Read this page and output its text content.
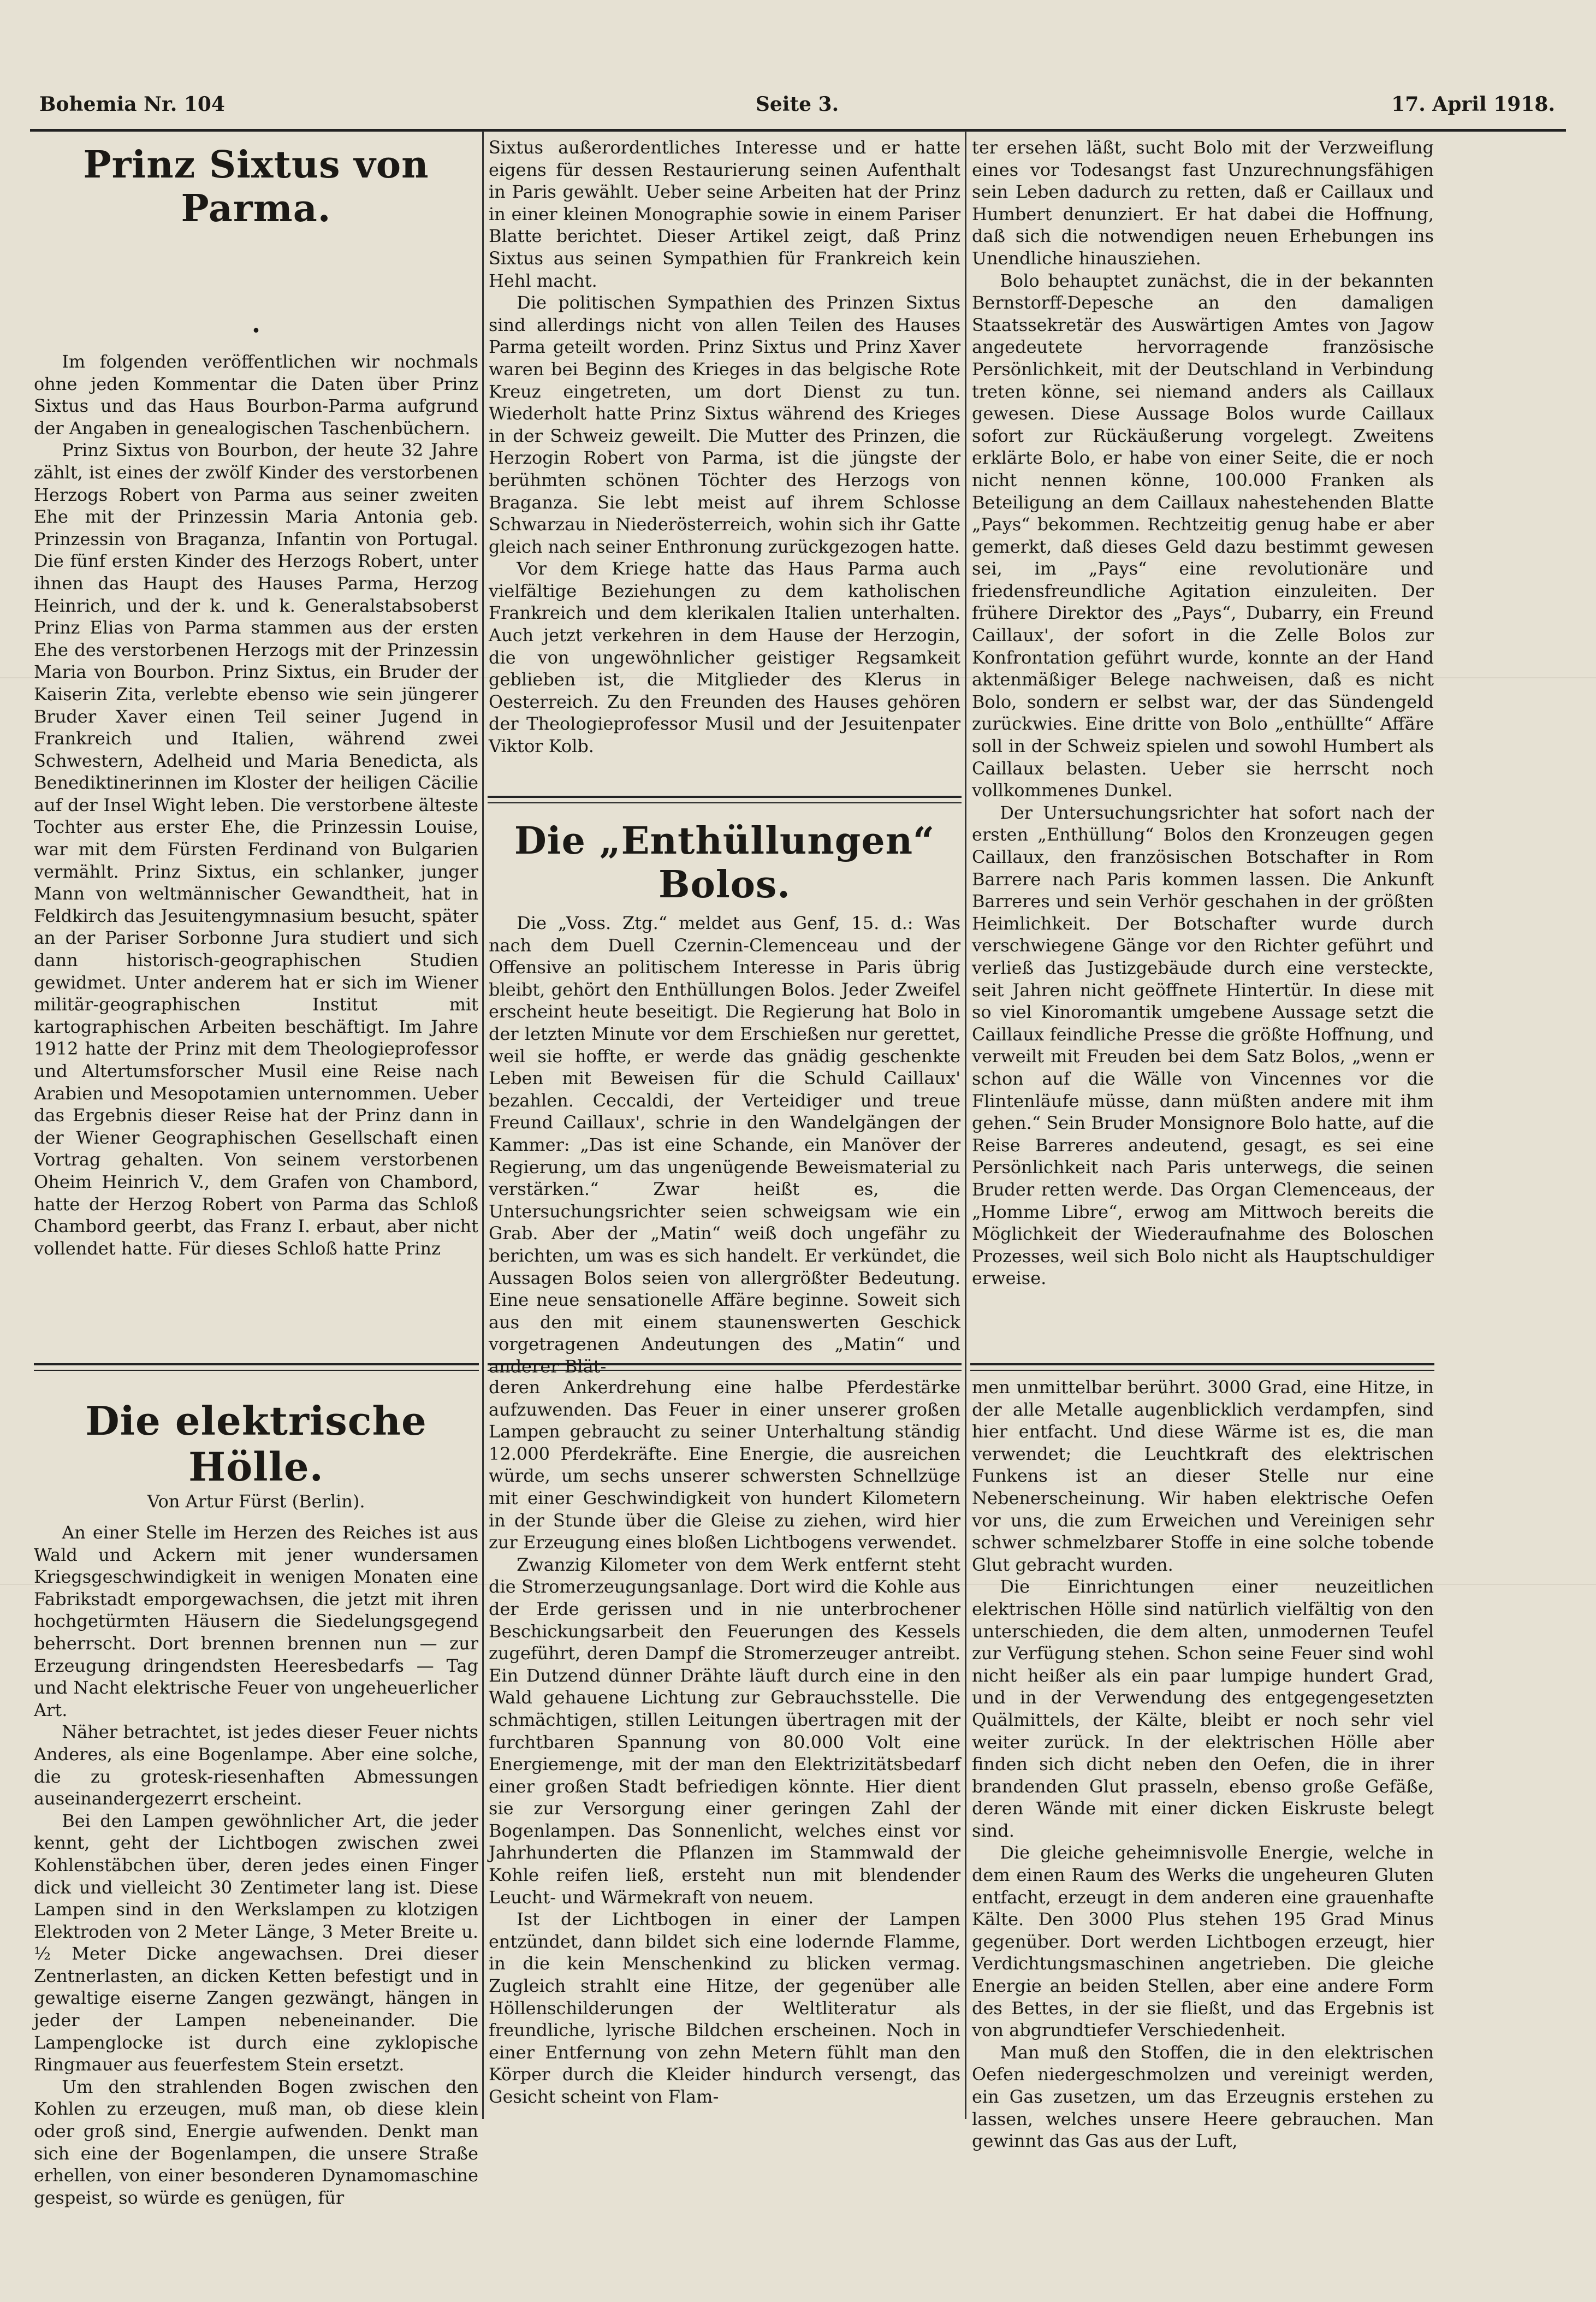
Bohemia Nr. 104	Seite 3.	17. April 1918.
Prinz Sixtus von Parma.
•

Im folgenden veröffentlichen wir nochmals ohne jeden Kommentar die Daten über Prinz Sixtus und das Haus Bourbon-Parma aufgrund der Angaben in genealogischen Taschenbüchern.

Prinz Sixtus von Bourbon, der heute 32 Jahre zählt, ist eines der zwölf Kinder des verstorbenen Herzogs Robert von Parma aus seiner zweiten Ehe mit der Prinzessin Maria Antonia geb. Prinzessin von Braganza, Infantin von Portugal. Die fünf ersten Kinder des Herzogs Robert, unter ihnen das Haupt des Hauses Parma, Herzog Heinrich, und der k. und k. Generalstabsoberst Prinz Elias von Parma stammen aus der ersten Ehe des verstorbenen Herzogs mit der Prinzessin Maria von Bourbon. Prinz Sixtus, ein Bruder der Kaiserin Zita, verlebte ebenso wie sein jüngerer Bruder Xaver einen Teil seiner Jugend in Frankreich und Italien, während zwei Schwestern, Adelheid und Maria Benedicta, als Benediktinerinnen im Kloster der heiligen Cäcilie auf der Insel Wight leben. Die verstorbene älteste Tochter aus erster Ehe, die Prinzessin Louise, war mit dem Fürsten Ferdinand von Bulgarien vermählt. Prinz Sixtus, ein schlanker, junger Mann von weltmännischer Gewandtheit, hat in Feldkirch das Jesuitengymnasium besucht, später an der Pariser Sorbonne Jura studiert und sich dann historisch-geographischen Studien gewidmet. Unter anderem hat er sich im Wiener militär-geographischen Institut mit kartographischen Arbeiten beschäftigt. Im Jahre 1912 hatte der Prinz mit dem Theologieprofessor und Altertumsforscher Musil eine Reise nach Arabien und Mesopotamien unternommen. Ueber das Ergebnis dieser Reise hat der Prinz dann in der Wiener Geographischen Gesellschaft einen Vortrag gehalten. Von seinem verstorbenen Oheim Heinrich V., dem Grafen von Chambord, hatte der Herzog Robert von Parma das Schloß Chambord geerbt, das Franz I. erbaut, aber nicht vollendet hatte. Für dieses Schloß hatte Prinz

Sixtus außerordentliches Interesse und er hatte eigens für dessen Restaurierung seinen Aufenthalt in Paris gewählt. Ueber seine Arbeiten hat der Prinz in einer kleinen Monographie sowie in einem Pariser Blatte berichtet. Dieser Artikel zeigt, daß Prinz Sixtus aus seinen Sympathien für Frankreich kein Hehl macht.

Die politischen Sympathien des Prinzen Sixtus sind allerdings nicht von allen Teilen des Hauses Parma geteilt worden. Prinz Sixtus und Prinz Xaver waren bei Beginn des Krieges in das belgische Rote Kreuz eingetreten, um dort Dienst zu tun. Wiederholt hatte Prinz Sixtus während des Krieges in der Schweiz geweilt. Die Mutter des Prinzen, die Herzogin Robert von Parma, ist die jüngste der berühmten schönen Töchter des Herzogs von Braganza. Sie lebt meist auf ihrem Schlosse Schwarzau in Niederösterreich, wohin sich ihr Gatte gleich nach seiner Enthronung zurückgezogen hatte.

Vor dem Kriege hatte das Haus Parma auch vielfältige Beziehungen zu dem katholischen Frankreich und dem klerikalen Italien unterhalten. Auch jetzt verkehren in dem Hause der Herzogin, die von ungewöhnlicher geistiger Regsamkeit geblieben ist, die Mitglieder des Klerus in Oesterreich. Zu den Freunden des Hauses gehören der Theologieprofessor Musil und der Jesuitenpater Viktor Kolb.

Die „Enthüllungen“ Bolos.

Die „Voss. Ztg.“ meldet aus Genf, 15. d.: Was nach dem Duell Czernin-Clemenceau und der Offensive an politischem Interesse in Paris übrig bleibt, gehört den Enthüllungen Bolos. Jeder Zweifel erscheint heute beseitigt. Die Regierung hat Bolo in der letzten Minute vor dem Erschießen nur gerettet, weil sie hoffte, er werde das gnädig geschenkte Leben mit Beweisen für die Schuld Caillaux' bezahlen. Ceccaldi, der Verteidiger und treue Freund Caillaux', schrie in den Wandelgängen der Kammer: „Das ist eine Schande, ein Manöver der Regierung, um das ungenügende Beweismaterial zu verstärken.“ Zwar heißt es, die Untersuchungsrichter seien schweigsam wie ein Grab. Aber der „Matin“ weiß doch ungefähr zu berichten, um was es sich handelt. Er verkündet, die Aussagen Bolos seien von allergrößter Bedeutung. Eine neue sensationelle Affäre beginne. Soweit sich aus den mit einem staunenswerten Geschick vorgetragenen Andeutungen des „Matin“ und anderer Blät-

ter ersehen läßt, sucht Bolo mit der Verzweiflung eines vor Todesangst fast Unzurechnungsfähigen sein Leben dadurch zu retten, daß er Caillaux und Humbert denunziert. Er hat dabei die Hoffnung, daß sich die notwendigen neuen Erhebungen ins Unendliche hinausziehen.

Bolo behauptet zunächst, die in der bekannten Bernstorff-Depesche an den damaligen Staatssekretär des Auswärtigen Amtes von Jagow angedeutete hervorragende französische Persönlichkeit, mit der Deutschland in Verbindung treten könne, sei niemand anders als Caillaux gewesen. Diese Aussage Bolos wurde Caillaux sofort zur Rückäußerung vorgelegt. Zweitens erklärte Bolo, er habe von einer Seite, die er noch nicht nennen könne, 100.000 Franken als Beteiligung an dem Caillaux nahestehenden Blatte „Pays“ bekommen. Rechtzeitig genug habe er aber gemerkt, daß dieses Geld dazu bestimmt gewesen sei, im „Pays“ eine revolutionäre und friedensfreundliche Agitation einzuleiten. Der frühere Direktor des „Pays“, Dubarry, ein Freund Caillaux', der sofort in die Zelle Bolos zur Konfrontation geführt wurde, konnte an der Hand aktenmäßiger Belege nachweisen, daß es nicht Bolo, sondern er selbst war, der das Sündengeld zurückwies. Eine dritte von Bolo „enthüllte“ Affäre soll in der Schweiz spielen und sowohl Humbert als Caillaux belasten. Ueber sie herrscht noch vollkommenes Dunkel.

Der Untersuchungsrichter hat sofort nach der ersten „Enthüllung“ Bolos den Kronzeugen gegen Caillaux, den französischen Botschafter in Rom Barrere nach Paris kommen lassen. Die Ankunft Barreres und sein Verhör geschahen in der größten Heimlichkeit. Der Botschafter wurde durch verschwiegene Gänge vor den Richter geführt und verließ das Justizgebäude durch eine versteckte, seit Jahren nicht geöffnete Hintertür. In diese mit so viel Kinoromantik umgebene Aussage setzt die Caillaux feindliche Presse die größte Hoffnung, und verweilt mit Freuden bei dem Satz Bolos, „wenn er schon auf die Wälle von Vincennes vor die Flintenläufe müsse, dann müßten andere mit ihm gehen.“ Sein Bruder Monsignore Bolo hatte, auf die Reise Barreres andeutend, gesagt, es sei eine Persönlichkeit nach Paris unterwegs, die seinen Bruder retten werde. Das Organ Clemenceaus, der „Homme Libre“, erwog am Mittwoch bereits die Möglichkeit der Wiederaufnahme des Boloschen Prozesses, weil sich Bolo nicht als Hauptschuldiger erweise.

Die elektrische Hölle.
Von Artur Fürst (Berlin).

An einer Stelle im Herzen des Reiches ist aus Wald und Ackern mit jener wundersamen Kriegsgeschwindigkeit in wenigen Monaten eine Fabrikstadt emporgewachsen, die jetzt mit ihren hochgetürmten Häusern die Siedelungsgegend beherrscht. Dort brennen brennen nun — zur Erzeugung dringendsten Heeresbedarfs — Tag und Nacht elektrische Feuer von ungeheuerlicher Art.

Näher betrachtet, ist jedes dieser Feuer nichts Anderes, als eine Bogenlampe. Aber eine solche, die zu grotesk-riesenhaften Abmessungen auseinandergezerrt erscheint.

Bei den Lampen gewöhnlicher Art, die jeder kennt, geht der Lichtbogen zwischen zwei Kohlenstäbchen über, deren jedes einen Finger dick und vielleicht 30 Zentimeter lang ist. Diese Lampen sind in den Werkslampen zu klotzigen Elektroden von 2 Meter Länge, 3 Meter Breite u. ½ Meter Dicke angewachsen. Drei dieser Zentnerlasten, an dicken Ketten befestigt und in gewaltige eiserne Zangen gezwängt, hängen in jeder der Lampen nebeneinander. Die Lampenglocke ist durch eine zyklopische Ringmauer aus feuerfestem Stein ersetzt.

Um den strahlenden Bogen zwischen den Kohlen zu erzeugen, muß man, ob diese klein oder groß sind, Energie aufwenden. Denkt man sich eine der Bogenlampen, die unsere Straße erhellen, von einer besonderen Dynamomaschine gespeist, so würde es genügen, für

deren Ankerdrehung eine halbe Pferdestärke aufzuwenden. Das Feuer in einer unserer großen Lampen gebraucht zu seiner Unterhaltung ständig 12.000 Pferdekräfte. Eine Energie, die ausreichen würde, um sechs unserer schwersten Schnellzüge mit einer Geschwindigkeit von hundert Kilometern in der Stunde über die Gleise zu ziehen, wird hier zur Erzeugung eines bloßen Lichtbogens verwendet.

Zwanzig Kilometer von dem Werk entfernt steht die Stromerzeugungsanlage. Dort wird die Kohle aus der Erde gerissen und in nie unterbrochener Beschickungsarbeit den Feuerungen des Kessels zugeführt, deren Dampf die Stromerzeuger antreibt. Ein Dutzend dünner Drähte läuft durch eine in den Wald gehauene Lichtung zur Gebrauchsstelle. Die schmächtigen, stillen Leitungen übertragen mit der furchtbaren Spannung von 80.000 Volt eine Energiemenge, mit der man den Elektrizitätsbedarf einer großen Stadt befriedigen könnte. Hier dient sie zur Versorgung einer geringen Zahl der Bogenlampen. Das Sonnenlicht, welches einst vor Jahrhunderten die Pflanzen im Stammwald der Kohle reifen ließ, ersteht nun mit blendender Leucht- und Wärmekraft von neuem.

Ist der Lichtbogen in einer der Lampen entzündet, dann bildet sich eine lodernde Flamme, in die kein Menschenkind zu blicken vermag. Zugleich strahlt eine Hitze, der gegenüber alle Höllenschilderungen der Weltliteratur als freundliche, lyrische Bildchen erscheinen. Noch in einer Entfernung von zehn Metern fühlt man den Körper durch die Kleider hindurch versengt, das Gesicht scheint von Flam-

men unmittelbar berührt. 3000 Grad, eine Hitze, in der alle Metalle augenblicklich verdampfen, sind hier entfacht. Und diese Wärme ist es, die man verwendet; die Leuchtkraft des elektrischen Funkens ist an dieser Stelle nur eine Nebenerscheinung. Wir haben elektrische Oefen vor uns, die zum Erweichen und Vereinigen sehr schwer schmelzbarer Stoffe in eine solche tobende Glut gebracht wurden.

Die Einrichtungen einer neuzeitlichen elektrischen Hölle sind natürlich vielfältig von den unterschieden, die dem alten, unmodernen Teufel zur Verfügung stehen. Schon seine Feuer sind wohl nicht heißer als ein paar lumpige hundert Grad, und in der Verwendung des entgegengesetzten Quälmittels, der Kälte, bleibt er noch sehr viel weiter zurück. In der elektrischen Hölle aber finden sich dicht neben den Oefen, die in ihrer brandenden Glut prasseln, ebenso große Gefäße, deren Wände mit einer dicken Eiskruste belegt sind.

Die gleiche geheimnisvolle Energie, welche in dem einen Raum des Werks die ungeheuren Gluten entfacht, erzeugt in dem anderen eine grauenhafte Kälte. Den 3000 Plus stehen 195 Grad Minus gegenüber. Dort werden Lichtbogen erzeugt, hier Verdichtungsmaschinen angetrieben. Die gleiche Energie an beiden Stellen, aber eine andere Form des Bettes, in der sie fließt, und das Ergebnis ist von abgrundtiefer Verschiedenheit.

Man muß den Stoffen, die in den elektrischen Oefen niedergeschmolzen und vereinigt werden, ein Gas zusetzen, um das Erzeugnis erstehen zu lassen, welches unsere Heere gebrauchen. Man gewinnt das Gas aus der Luft,
